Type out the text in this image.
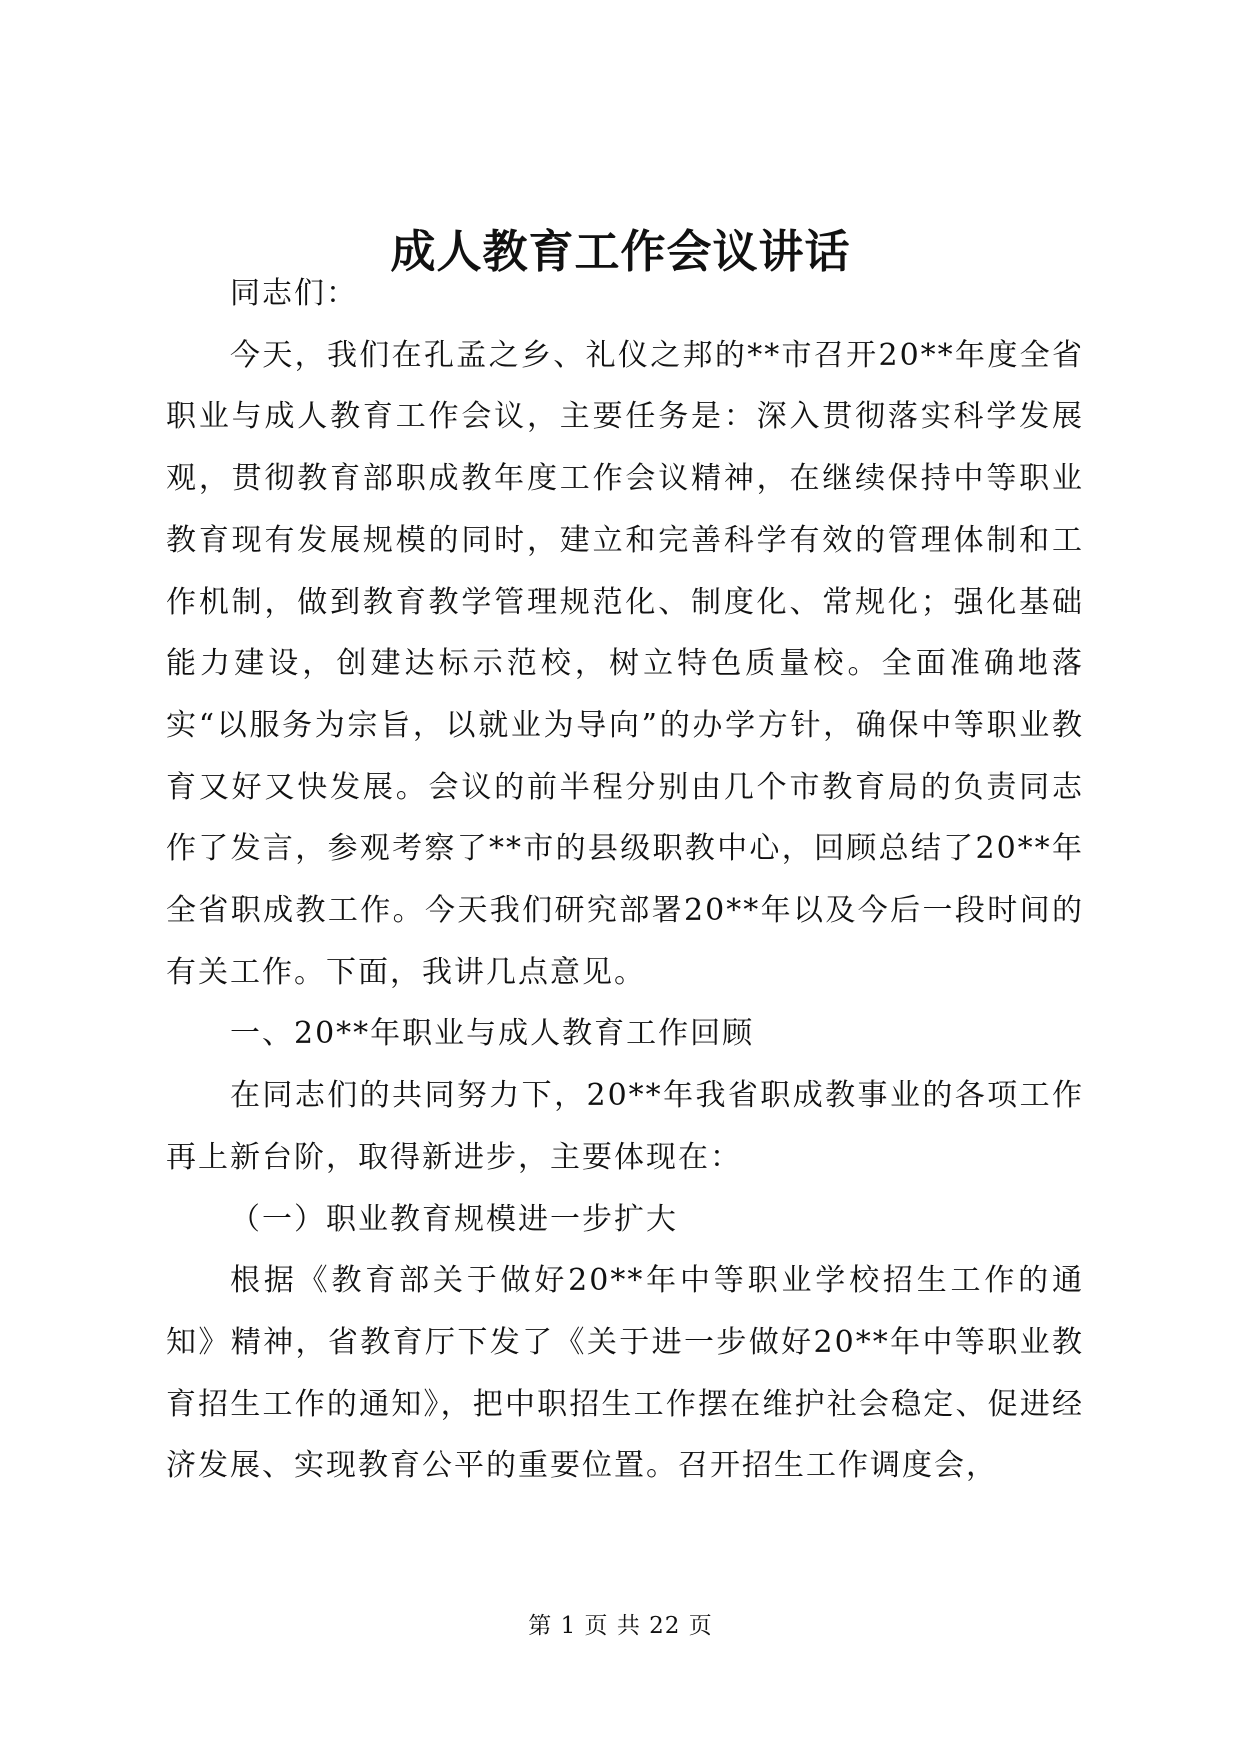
成人教育工作会议讲话

同志们：

今天，我们在孔孟之乡、礼仪之邦的**市召开20**年度全省职业与成人教育工作会议，主要任务是：深入贯彻落实科学发展观，贯彻教育部职成教年度工作会议精神，在继续保持中等职业教育现有发展规模的同时，建立和完善科学有效的管理体制和工作机制，做到教育教学管理规范化、制度化、常规化；强化基础能力建设，创建达标示范校，树立特色质量校。全面准确地落实“以服务为宗旨，以就业为导向”的办学方针，确保中等职业教育又好又快发展。会议的前半程分别由几个市教育局的负责同志作了发言，参观考察了**市的县级职教中心，回顾总结了20**年全省职成教工作。今天我们研究部署20**年以及今后一段时间的有关工作。下面，我讲几点意见。

一、20**年职业与成人教育工作回顾

在同志们的共同努力下，20**年我省职成教事业的各项工作再上新台阶，取得新进步，主要体现在：

（一）职业教育规模进一步扩大

根据《教育部关于做好20**年中等职业学校招生工作的通知》精神，省教育厅下发了《关于进一步做好20**年中等职业教育招生工作的通知》，把中职招生工作摆在维护社会稳定、促进经济发展、实现教育公平的重要位置。召开招生工作调度会，

第 1 页 共 22 页
